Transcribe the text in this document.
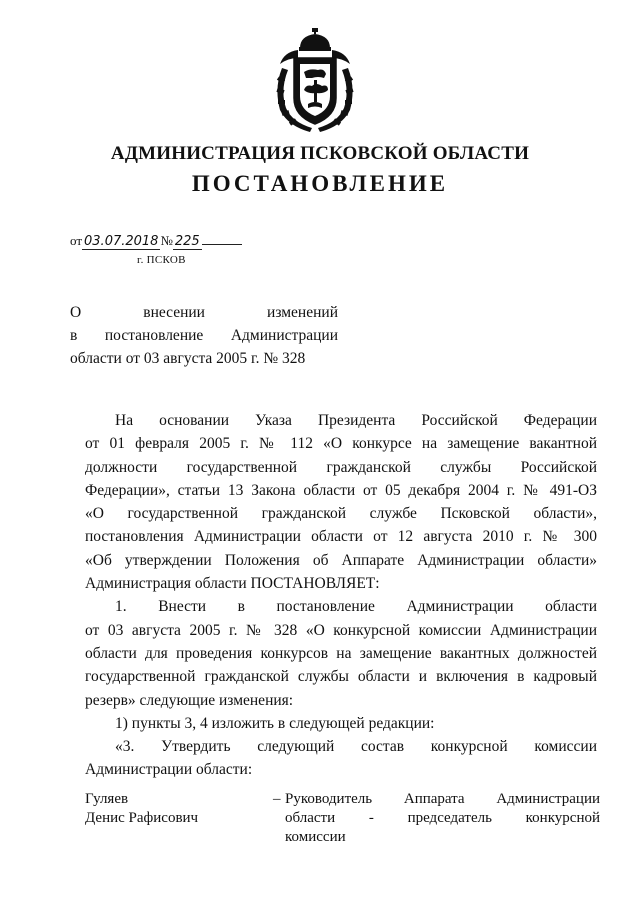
АДМИНИСТРАЦИЯ ПСКОВСКОЙ ОБЛАСТИ
ПОСТАНОВЛЕНИЕ
от 03.07.2018 № 225
г. ПСКОВ
О внесении изменений
в постановление Администрации
области от 03 августа 2005 г. № 328
На основании Указа Президента Российской Федерации
от 01 февраля 2005 г. № 112 «О конкурсе на замещение вакантной
должности государственной гражданской службы Российской
Федерации», статьи 13 Закона области от 05 декабря 2004 г. № 491-ОЗ
«О государственной гражданской службе Псковской области»,
постановления Администрации области от 12 августа 2010 г. № 300
«Об утверждении Положения об Аппарате Администрации области»
Администрация области ПОСТАНОВЛЯЕТ:
1. Внести в постановление Администрации области
от 03 августа 2005 г. № 328 «О конкурсной комиссии Администрации
области для проведения конкурсов на замещение вакантных должностей
государственной гражданской службы области и включения в кадровый
резерв» следующие изменения:
1) пункты 3, 4 изложить в следующей редакции:
«3. Утвердить следующий состав конкурсной комиссии
Администрации области:
Гуляев
Денис Рафисович
– Руководитель Аппарата Администрации
области - председатель конкурсной
комиссии
